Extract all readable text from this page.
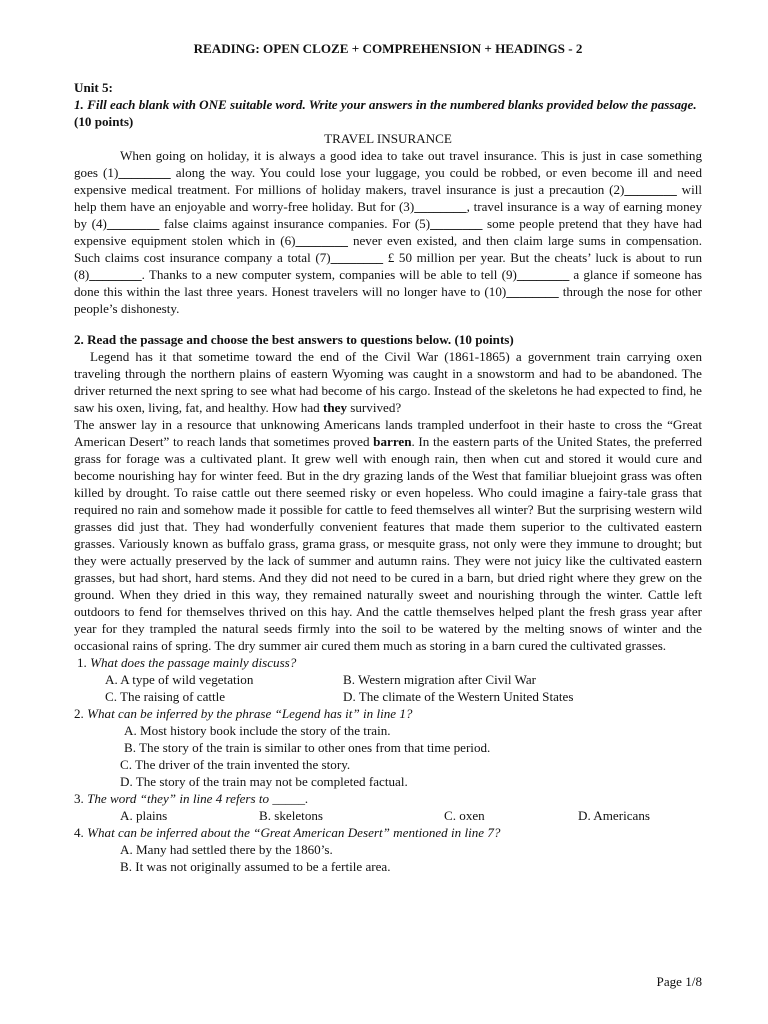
READING: OPEN CLOZE + COMPREHENSION + HEADINGS - 2

Unit 5:

1. Fill each blank with ONE suitable word. Write your answers in the numbered blanks provided below the passage. (10 points)

TRAVEL INSURANCE

When going on holiday, it is always a good idea to take out travel insurance. This is just in case something goes (1)________ along the way. You could lose your luggage, you could be robbed, or even become ill and need expensive medical treatment. For millions of holiday makers, travel insurance is just a precaution (2)________ will help them have an enjoyable and worry-free holiday. But for (3)________, travel insurance is a way of earning money by (4)________ false claims against insurance companies. For (5)________ some people pretend that they have had expensive equipment stolen which in (6)________ never even existed, and then claim large sums in compensation. Such claims cost insurance company a total (7)________ £ 50 million per year. But the cheats’ luck is about to run (8)________. Thanks to a new computer system, companies will be able to tell (9)________ a glance if someone has done this within the last three years. Honest travelers will no longer have to (10)________ through the nose for other people’s dishonesty.

2. Read the passage and choose the best answers to questions below. (10 points)

Legend has it that sometime toward the end of the Civil War (1861-1865) a government train carrying oxen traveling through the northern plains of eastern Wyoming was caught in a snowstorm and had to be abandoned. The driver returned the next spring to see what had become of his cargo. Instead of the skeletons he had expected to find, he saw his oxen, living, fat, and healthy. How had they survived?

The answer lay in a resource that unknowing Americans lands trampled underfoot in their haste to cross the “Great American Desert” to reach lands that sometimes proved barren. In the eastern parts of the United States, the preferred grass for forage was a cultivated plant. It grew well with enough rain, then when cut and stored it would cure and become nourishing hay for winter feed. But in the dry grazing lands of the West that familiar bluejoint grass was often killed by drought. To raise cattle out there seemed risky or even hopeless. Who could imagine a fairy-tale grass that required no rain and somehow made it possible for cattle to feed themselves all winter? But the surprising western wild grasses did just that. They had wonderfully convenient features that made them superior to the cultivated eastern grasses. Variously known as buffalo grass, grama grass, or mesquite grass, not only were they immune to drought; but they were actually preserved by the lack of summer and autumn rains. They were not juicy like the cultivated eastern grasses, but had short, hard stems. And they did not need to be cured in a barn, but dried right where they grew on the ground. When they dried in this way, they remained naturally sweet and nourishing through the winter. Cattle left outdoors to fend for themselves thrived on this hay. And the cattle themselves helped plant the fresh grass year after year for they trampled the natural seeds firmly into the soil to be watered by the melting snows of winter and the occasional rains of spring. The dry summer air cured them much as storing in a barn cured the cultivated grasses.

1. What does the passage mainly discuss?

A. A type of wild vegetation	B. Western migration after Civil War
C. The raising of cattle	D. The climate of the Western United States

2. What can be inferred by the phrase “Legend has it” in line 1?

A. Most history book include the story of the train.

B. The story of the train is similar to other ones from that time period.

C. The driver of the train invented the story.

D. The story of the train may not be completed factual.

3. The word “they” in line 4 refers to _____.

A. plains	B. skeletons	C. oxen	D. Americans

4. What can be inferred about the “Great American Desert” mentioned in line 7?

A. Many had settled there by the 1860’s.

B. It was not originally assumed to be a fertile area.

Page 1/8
